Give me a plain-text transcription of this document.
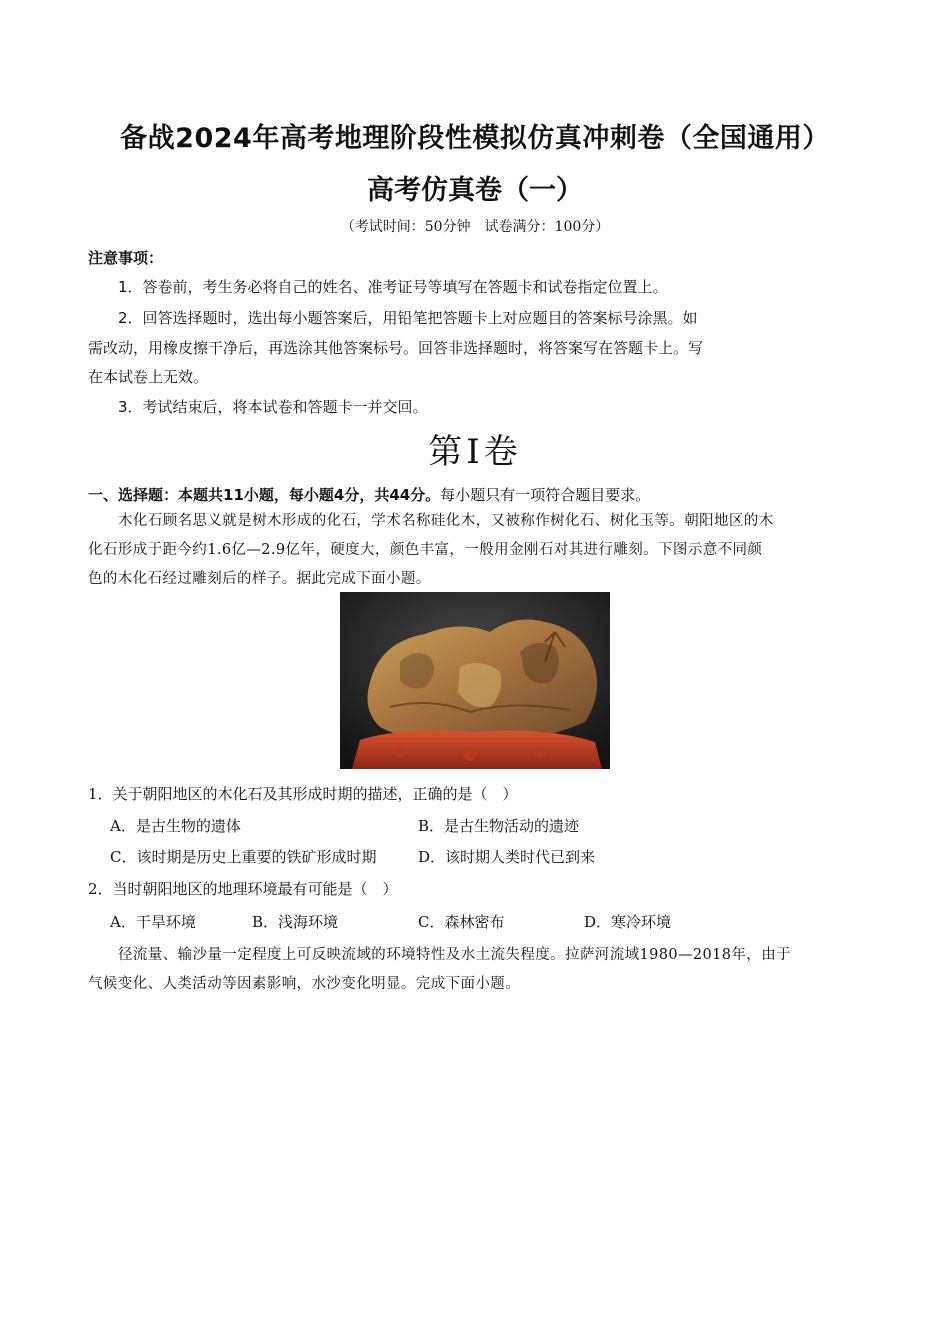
备战2024年高考地理阶段性模拟仿真冲刺卷（全国通用）
高考仿真卷（一）
（考试时间：50分钟　试卷满分：100分）
注意事项：
1．答卷前，考生务必将自己的姓名、准考证号等填写在答题卡和试卷指定位置上。
2．回答选择题时，选出每小题答案后，用铅笔把答题卡上对应题目的答案标号涂黑。如
需改动，用橡皮擦干净后，再选涂其他答案标号。回答非选择题时，将答案写在答题卡上。写
在本试卷上无效。
3．考试结束后，将本试卷和答题卡一并交回。
第Ⅰ卷
一、选择题：本题共11小题，每小题4分，共44分。每小题只有一项符合题目要求。
木化石顾名思义就是树木形成的化石，学术名称硅化木，又被称作树化石、树化玉等。朝阳地区的木
化石形成于距今约1.6亿—2.9亿年，硬度大，颜色丰富，一般用金刚石对其进行雕刻。下图示意不同颜
色的木化石经过雕刻后的样子。据此完成下面小题。
1．关于朝阳地区的木化石及其形成时期的描述，正确的是（　）
A．是古生物的遗体	B．是古生物活动的遗迹
C．该时期是历史上重要的铁矿形成时期	D．该时期人类时代已到来
2．当时朝阳地区的地理环境最有可能是（　）
A．干旱环境	B．浅海环境	C．森林密布	D．寒冷环境
径流量、输沙量一定程度上可反映流域的环境特性及水土流失程度。拉萨河流域1980—2018年，由于
气候变化、人类活动等因素影响，水沙变化明显。完成下面小题。
